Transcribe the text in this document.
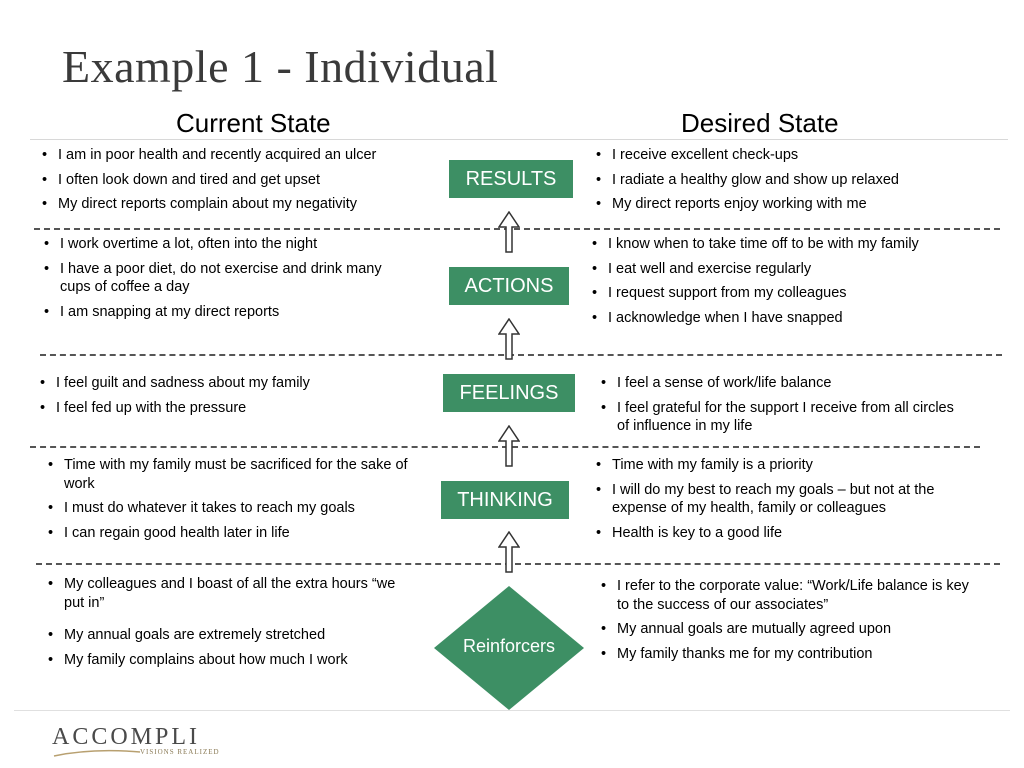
Example 1 - Individual
Current State	Desired State
• I am in poor health and recently acquired an ulcer
• I often look down and tired and get upset
• My direct reports complain about my negativity
RESULTS
• I receive excellent check-ups
• I radiate a healthy glow and show up relaxed
• My direct reports enjoy working with me
• I work overtime a lot, often into the night
• I have a poor diet, do not exercise and drink many cups of coffee a day
• I am snapping at my direct reports
ACTIONS
• I know when to take time off to be with my family
• I eat well and exercise regularly
• I request support from my colleagues
• I acknowledge when I have snapped
• I feel guilt and sadness about my family
• I feel fed up with the pressure
FEELINGS
•	I feel a sense of work/life balance
• I feel grateful for the support I receive from all circles of influence in my life
• Time with my family must be sacrificed for the sake of work
• I must do whatever it takes to reach my goals
• I can regain good health later in life
THINKING
• Time with my family is a priority
• I will do my best to reach my goals – but not at the expense of my health, family or colleagues
• Health is key to a good life
• My colleagues and I boast of all the extra hours “we put in”
• My annual goals are extremely stretched
• My family complains about how much I work
Reinforcers
• I refer to the corporate value: “Work/Life balance is key to the success of our associates”
• My annual goals are mutually agreed upon
• My family thanks me for my contribution
ACCOMPLI
VISIONS REALIZED
